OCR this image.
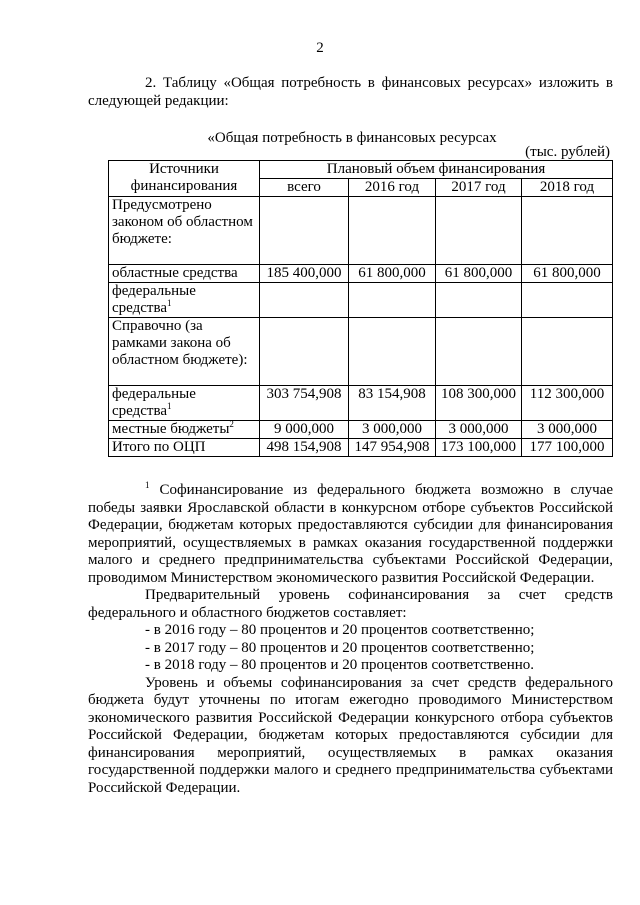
2
2. Таблицу «Общая потребность в финансовых ресурсах» изложить в следующей редакции:
«Общая потребность в финансовых ресурсах
(тыс. рублей)
Источники финансирования	Плановый объем финансирования			
	всего	2016 год	2017 год	2018 год
Предусмотрено законом об областном бюджете:				
областные средства	185 400,000	61 800,000	61 800,000	61 800,000
федеральные средства$^1$				
Справочно (за рамками закона об областном бюджете):				
федеральные средства$^1$	303 754,908	83 154,908	108 300,000	112 300,000
местные бюджеты$^2$	9 000,000	3 000,000	3 000,000	3 000,000
Итого по ОЦП	498 154,908	147 954,908	173 100,000	177 100,000

$^1$ Софинансирование из федерального бюджета возможно в случае победы заявки Ярославской области в конкурсном отборе субъектов Российской Федерации, бюджетам которых предоставляются субсидии для финансирования мероприятий, осуществляемых в рамках оказания государственной поддержки малого и среднего предпринимательства субъектами Российской Федерации, проводимом Министерством экономического развития Российской Федерации.

Предварительный уровень софинансирования за счет средств федерального и областного бюджетов составляет:

- в 2016 году – 80 процентов и 20 процентов соответственно;

- в 2017 году – 80 процентов и 20 процентов соответственно;

- в 2018 году – 80 процентов и 20 процентов соответственно.

Уровень и объемы софинансирования за счет средств федерального бюджета будут уточнены по итогам ежегодно проводимого Министерством экономического развития Российской Федерации конкурсного отбора субъектов Российской Федерации, бюджетам которых предоставляются субсидии для финансирования мероприятий, осуществляемых в рамках оказания государственной поддержки малого и среднего предпринимательства субъектами Российской Федерации.
